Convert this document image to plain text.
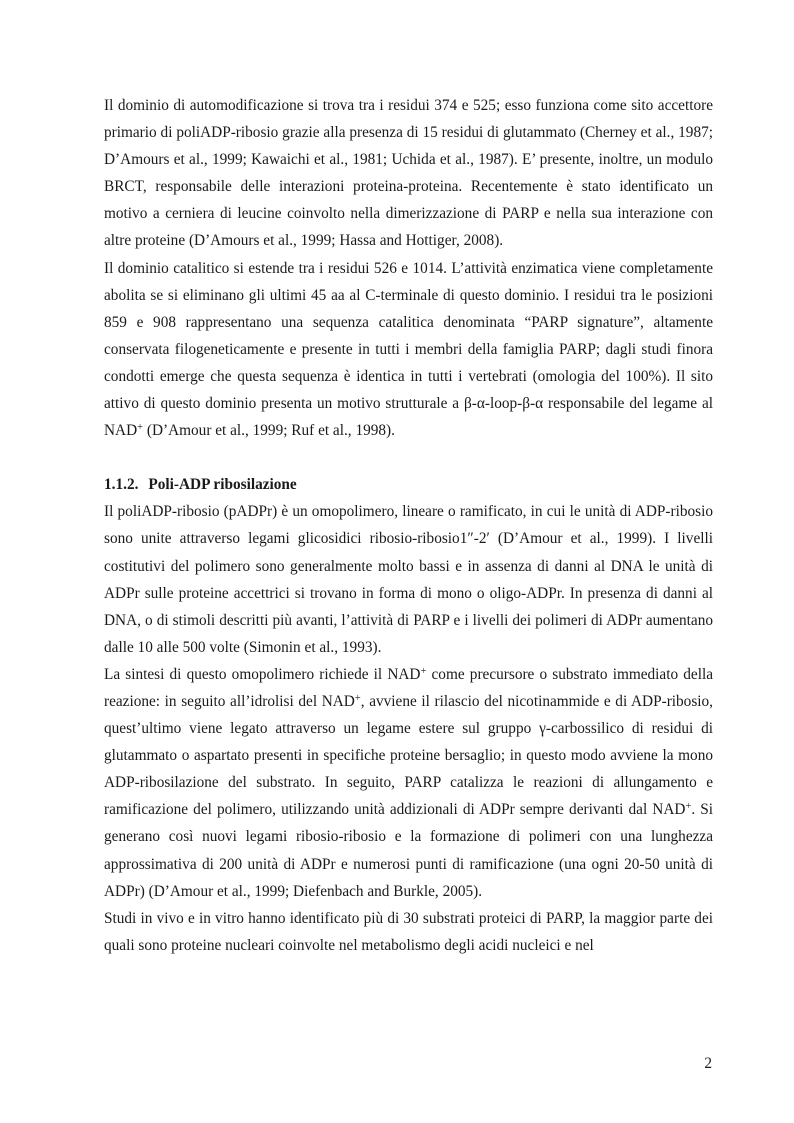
Il dominio di automodificazione si trova tra i residui 374 e 525; esso funziona come sito accettore primario di poliADP-ribosio grazie alla presenza di 15 residui di glutammato (Cherney et al., 1987; D’Amours et al., 1999; Kawaichi et al., 1981; Uchida et al., 1987). E’ presente, inoltre, un modulo BRCT, responsabile delle interazioni proteina-proteina. Recentemente è stato identificato un motivo a cerniera di leucine coinvolto nella dimerizzazione di PARP e nella sua interazione con altre proteine (D’Amours et al., 1999; Hassa and Hottiger, 2008).

Il dominio catalitico si estende tra i residui 526 e 1014. L’attività enzimatica viene completamente abolita se si eliminano gli ultimi 45 aa al C-terminale di questo dominio. I residui tra le posizioni 859 e 908 rappresentano una sequenza catalitica denominata “PARP signature”, altamente conservata filogeneticamente e presente in tutti i membri della famiglia PARP; dagli studi finora condotti emerge che questa sequenza è identica in tutti i vertebrati (omologia del 100%). Il sito attivo di questo dominio presenta un motivo strutturale a β-α-loop-β-α responsabile del legame al NAD+ (D’Amour et al., 1999; Ruf et al., 1998).

1.1.2. Poli-ADP ribosilazione

Il poliADP-ribosio (pADPr) è un omopolimero, lineare o ramificato, in cui le unità di ADP-ribosio sono unite attraverso legami glicosidici ribosio-ribosio1″-2′ (D’Amour et al., 1999). I livelli costitutivi del polimero sono generalmente molto bassi e in assenza di danni al DNA le unità di ADPr sulle proteine accettrici si trovano in forma di mono o oligo-ADPr. In presenza di danni al DNA, o di stimoli descritti più avanti, l’attività di PARP e i livelli dei polimeri di ADPr aumentano dalle 10 alle 500 volte (Simonin et al., 1993).

La sintesi di questo omopolimero richiede il NAD+ come precursore o substrato immediato della reazione: in seguito all’idrolisi del NAD+, avviene il rilascio del nicotinammide e di ADP-ribosio, quest’ultimo viene legato attraverso un legame estere sul gruppo γ-carbossilico di residui di glutammato o aspartato presenti in specifiche proteine bersaglio; in questo modo avviene la mono ADP-ribosilazione del substrato. In seguito, PARP catalizza le reazioni di allungamento e ramificazione del polimero, utilizzando unità addizionali di ADPr sempre derivanti dal NAD+. Si generano così nuovi legami ribosio-ribosio e la formazione di polimeri con una lunghezza approssimativa di 200 unità di ADPr e numerosi punti di ramificazione (una ogni 20-50 unità di ADPr) (D’Amour et al., 1999; Diefenbach and Burkle, 2005).

Studi in vivo e in vitro hanno identificato più di 30 substrati proteici di PARP, la maggior parte dei quali sono proteine nucleari coinvolte nel metabolismo degli acidi nucleici e nel

2
